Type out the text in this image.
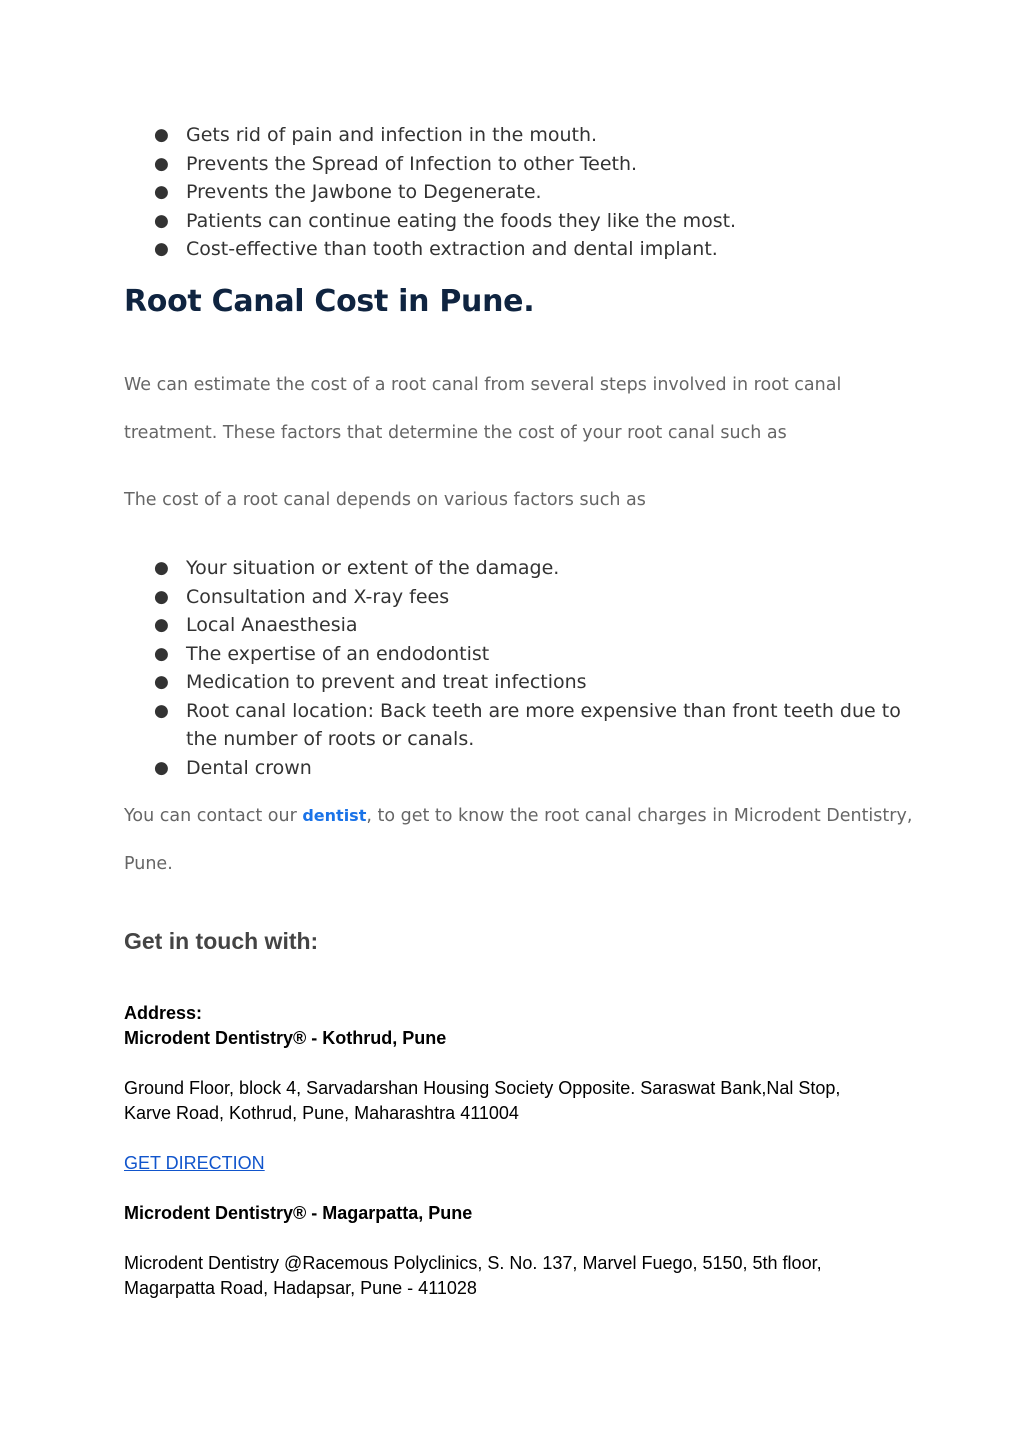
● Gets rid of pain and infection in the mouth.
● Prevents the Spread of Infection to other Teeth.
● Prevents the Jawbone to Degenerate.
● Patients can continue eating the foods they like the most.
● Cost-effective than tooth extraction and dental implant.
Root Canal Cost in Pune.

We can estimate the cost of a root canal from several steps involved in root canal treatment. These factors that determine the cost of your root canal such as

The cost of a root canal depends on various factors such as

● Your situation or extent of the damage.
● Consultation and X-ray fees
● Local Anaesthesia
● The expertise of an endodontist
● Medication to prevent and treat infections
● Root canal location: Back teeth are more expensive than front teeth due to the number of roots or canals.
● Dental crown

You can contact our dentist, to get to know the root canal charges in Microdent Dentistry, Pune.

Get in touch with:
Address:
Microdent Dentistry® - Kothrud, Pune
Ground Floor, block 4, Sarvadarshan Housing Society Opposite. Saraswat Bank,Nal Stop,
Karve Road, Kothrud, Pune, Maharashtra 411004
GET DIRECTION
Microdent Dentistry® - Magarpatta, Pune
Microdent Dentistry @Racemous Polyclinics, S. No. 137, Marvel Fuego, 5150, 5th floor,
Magarpatta Road, Hadapsar, Pune - 411028
